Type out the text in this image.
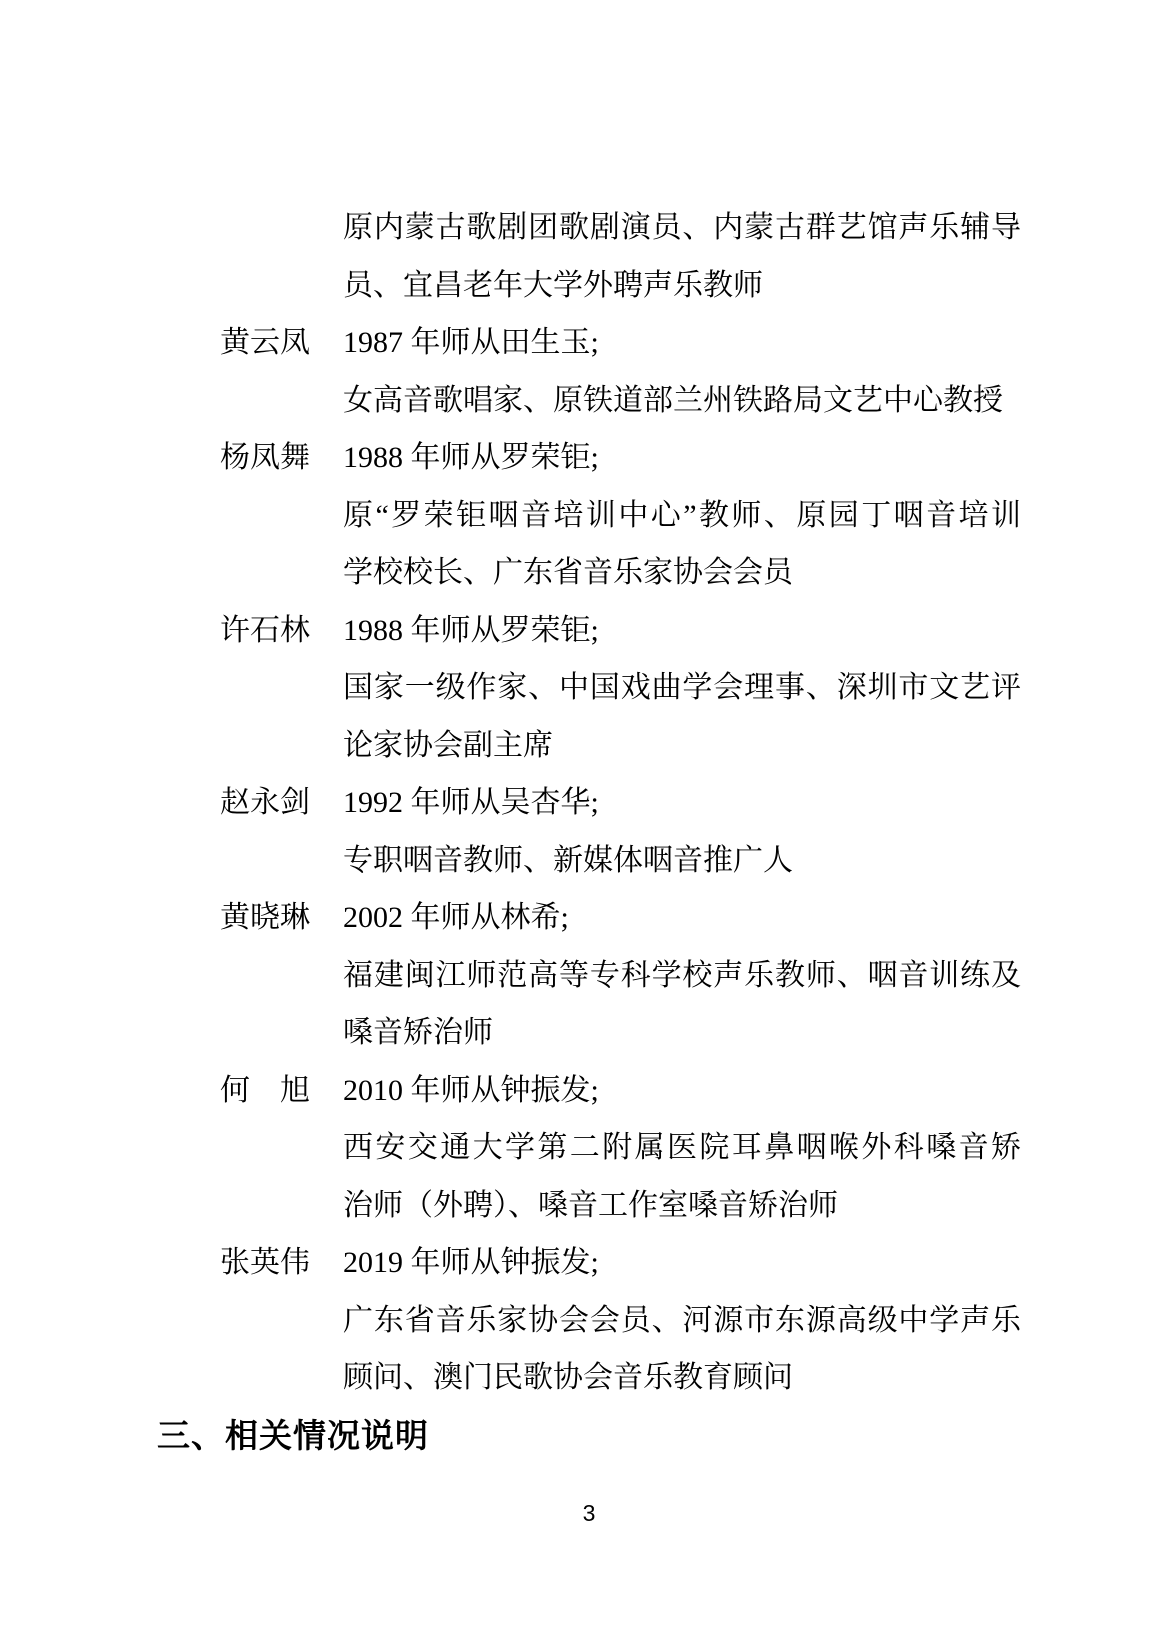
原内蒙古歌剧团歌剧演员、内蒙古群艺馆声乐辅导
员、宜昌老年大学外聘声乐教师
黄云凤 1987 年师从田生玉;
女高音歌唱家、原铁道部兰州铁路局文艺中心教授
杨凤舞 1988 年师从罗荣钜;
原“罗荣钜咽音培训中心”教师、原园丁咽音培训
学校校长、广东省音乐家协会会员
许石林 1988 年师从罗荣钜;
国家一级作家、中国戏曲学会理事、深圳市文艺评
论家协会副主席
赵永剑 1992 年师从吴杏华;
专职咽音教师、新媒体咽音推广人
黄晓琳 2002 年师从林希;
福建闽江师范高等专科学校声乐教师、咽音训练及
嗓音矫治师
何旭 2010 年师从钟振发;
西安交通大学第二附属医院耳鼻咽喉外科嗓音矫
治师（外聘）、嗓音工作室嗓音矫治师
张英伟 2019 年师从钟振发;
广东省音乐家协会会员、河源市东源高级中学声乐
顾问、澳门民歌协会音乐教育顾问
三、相关情况说明
3
